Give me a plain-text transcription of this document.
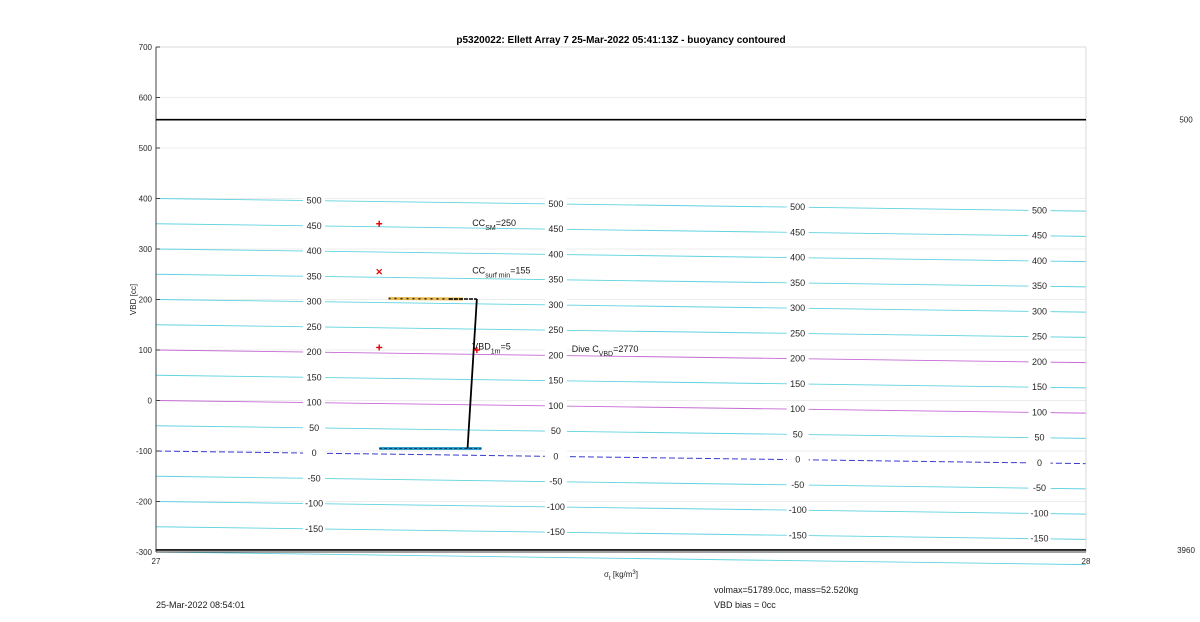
500	500	500	500
450	450	450	450
400	400	400	400
350	350	350	350
300	300	300	300
250	250	250	250
200	200	200	200
150	150	150	150
100	100	100	100
50	50	50	50
0	0	0	0
-50	-50	-50	-50
-100	-100	-100	-100
-150	-150	-150	-150
700
600
500
400
300
200
100
0
-100
-200
-300
27	28
VBD [cc]
$\sigma_t$ $[kg/m^3]$
500
3960
$CC_{SM}=250$
$CC_{surf min}=155$
$VBD_{1m}=5$	Dive $C_{VBD}=2770$
p5320022: Ellett Array 7 25-Mar-2022 05:41:13Z - buoyancy contoured
25-Mar-2022 08:54:01
volmax=51789.0cc, mass=52.520kg
VBD bias = 0cc
